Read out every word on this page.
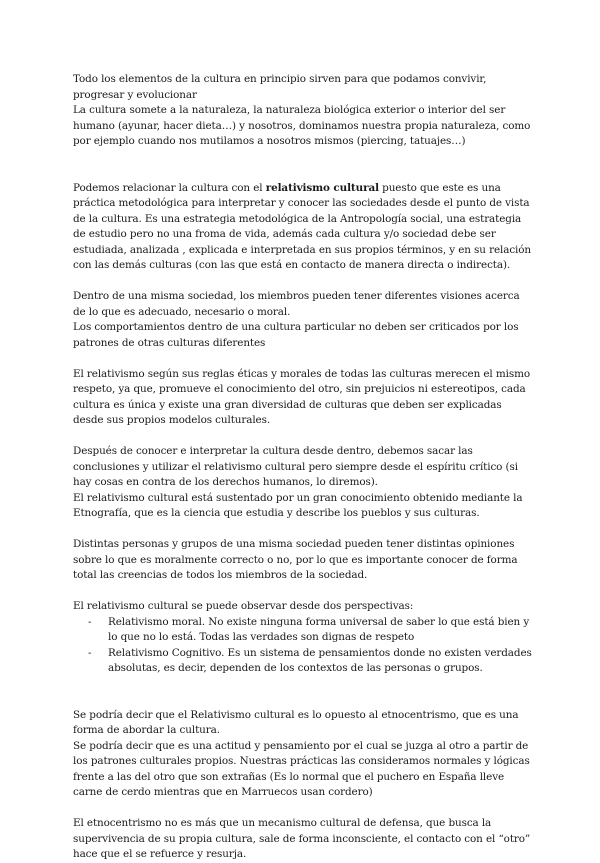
Todo los elementos de la cultura en principio sirven para que podamos convivir, progresar y evolucionar
La cultura somete a la naturaleza, la naturaleza biológica exterior o interior del ser humano (ayunar, hacer dieta…) y nosotros, dominamos nuestra propia naturaleza, como por ejemplo cuando nos mutilamos a nosotros mismos (piercing, tatuajes…)
Podemos relacionar la cultura con el relativismo cultural puesto que este es una práctica metodológica para interpretar y conocer las sociedades desde el punto de vista de la cultura. Es una estrategia metodológica de la Antropología social, una estrategia de estudio pero no una froma de vida, además cada cultura y/o sociedad debe ser estudiada, analizada , explicada e interpretada en sus propios términos, y en su relación con las demás culturas (con las que está en contacto de manera directa o indirecta).
Dentro de una misma sociedad, los miembros pueden tener diferentes visiones acerca de lo que es adecuado, necesario o moral.
Los comportamientos dentro de una cultura particular no deben ser criticados por los patrones de otras culturas diferentes
El relativismo según sus reglas éticas y morales de todas las culturas merecen el mismo respeto, ya que, promueve el conocimiento del otro, sin prejuicios ni estereotipos, cada cultura es única y existe una gran diversidad de culturas que deben ser explicadas desde sus propios modelos culturales.
Después de conocer e interpretar la cultura desde dentro, debemos sacar las conclusiones y utilizar el relativismo cultural pero siempre desde el espíritu crítico (si hay cosas en contra de los derechos humanos, lo diremos).
El relativismo cultural está sustentado por un gran conocimiento obtenido mediante la Etnografía, que es la ciencia que estudia y describe los pueblos y sus culturas.
Distintas personas y grupos de una misma sociedad pueden tener distintas opiniones sobre lo que es moralmente correcto o no, por lo que es importante conocer de forma total las creencias de todos los miembros de la sociedad.
El relativismo cultural se puede observar desde dos perspectivas:
- Relativismo moral. No existe ninguna forma universal de saber lo que está bien y lo que no lo está. Todas las verdades son dignas de respeto
- Relativismo Cognitivo. Es un sistema de pensamientos donde no existen verdades absolutas, es decir, dependen de los contextos de las personas o grupos.
Se podría decir que el Relativismo cultural es lo opuesto al etnocentrismo, que es una forma de abordar la cultura.
Se podría decir que es una actitud y pensamiento por el cual se juzga al otro a partir de los patrones culturales propios. Nuestras prácticas las consideramos normales y lógicas frente a las del otro que son extrañas (Es lo normal que el puchero en España lleve carne de cerdo mientras que en Marruecos usan cordero)
El etnocentrismo no es más que un mecanismo cultural de defensa, que busca la supervivencia de su propia cultura, sale de forma inconsciente, el contacto con el “otro” hace que el se refuerce y resurja.
